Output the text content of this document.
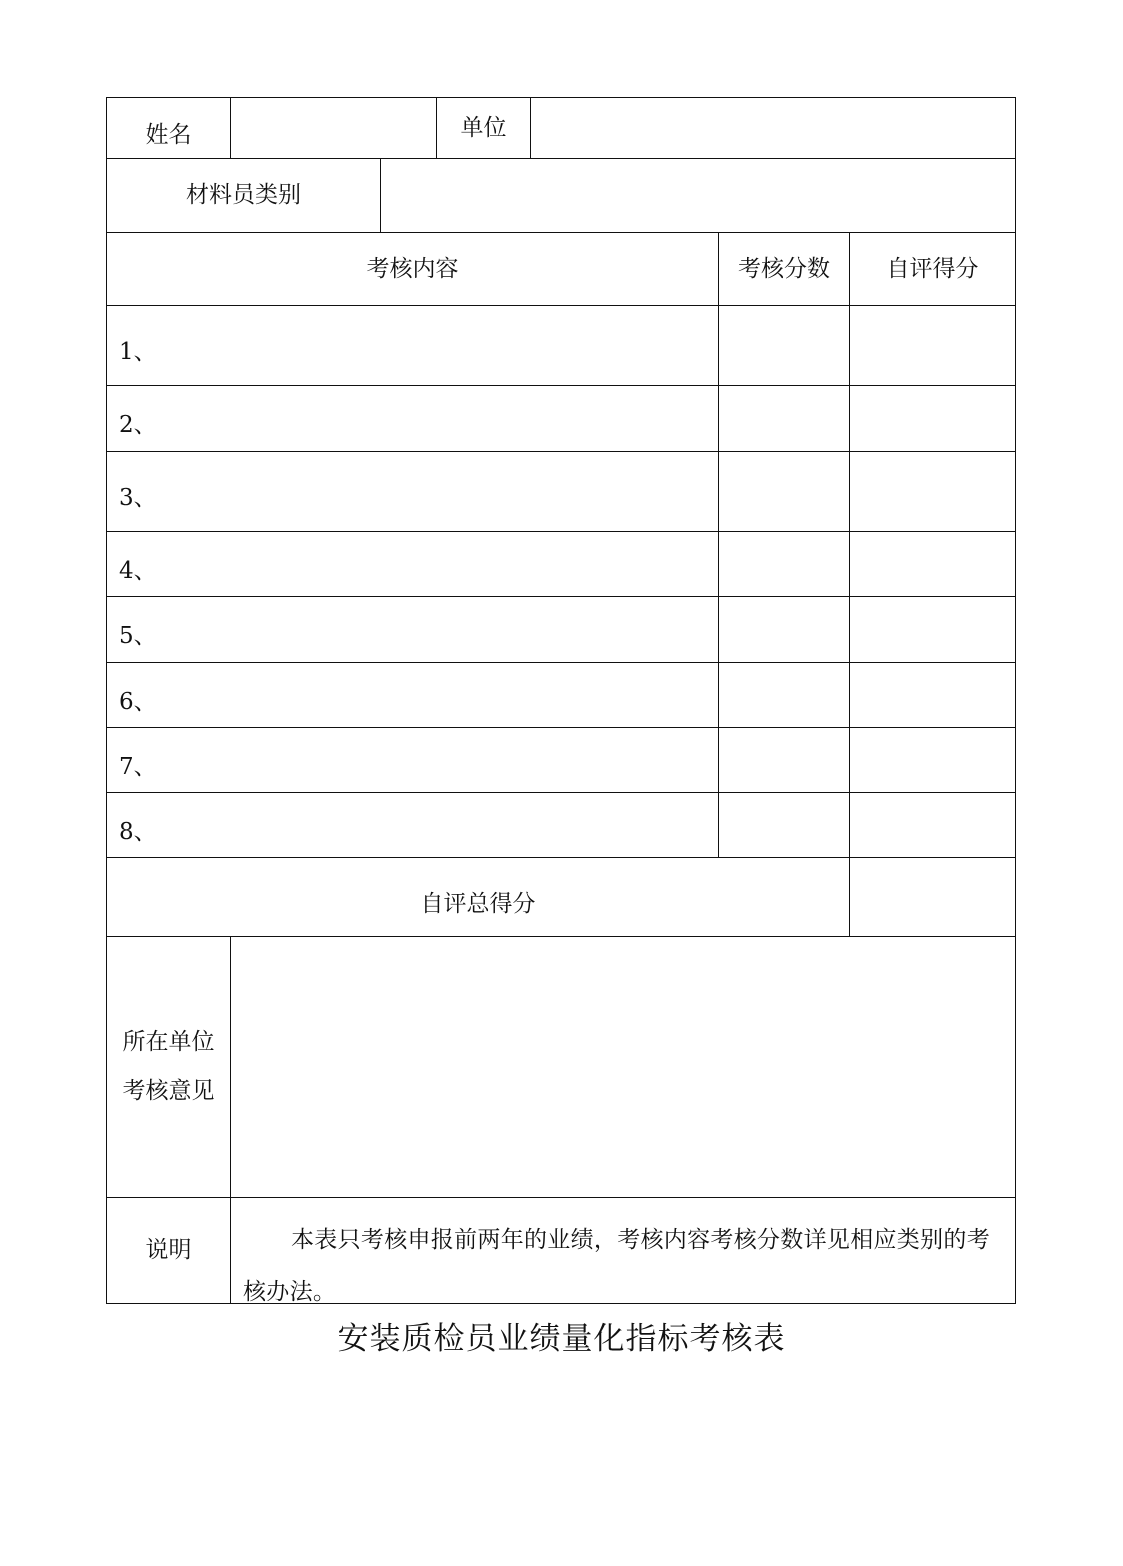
姓名	单位
材料员类别
考核内容	考核分数	自评得分
1、
2、
3、
4、
5、
6、
7、
8、
自评总得分
所在单位
考核意见
说明	本表只考核申报前两年的业绩，考核内容考核分数详见相应类别的考核办法。
安装质检员业绩量化指标考核表
